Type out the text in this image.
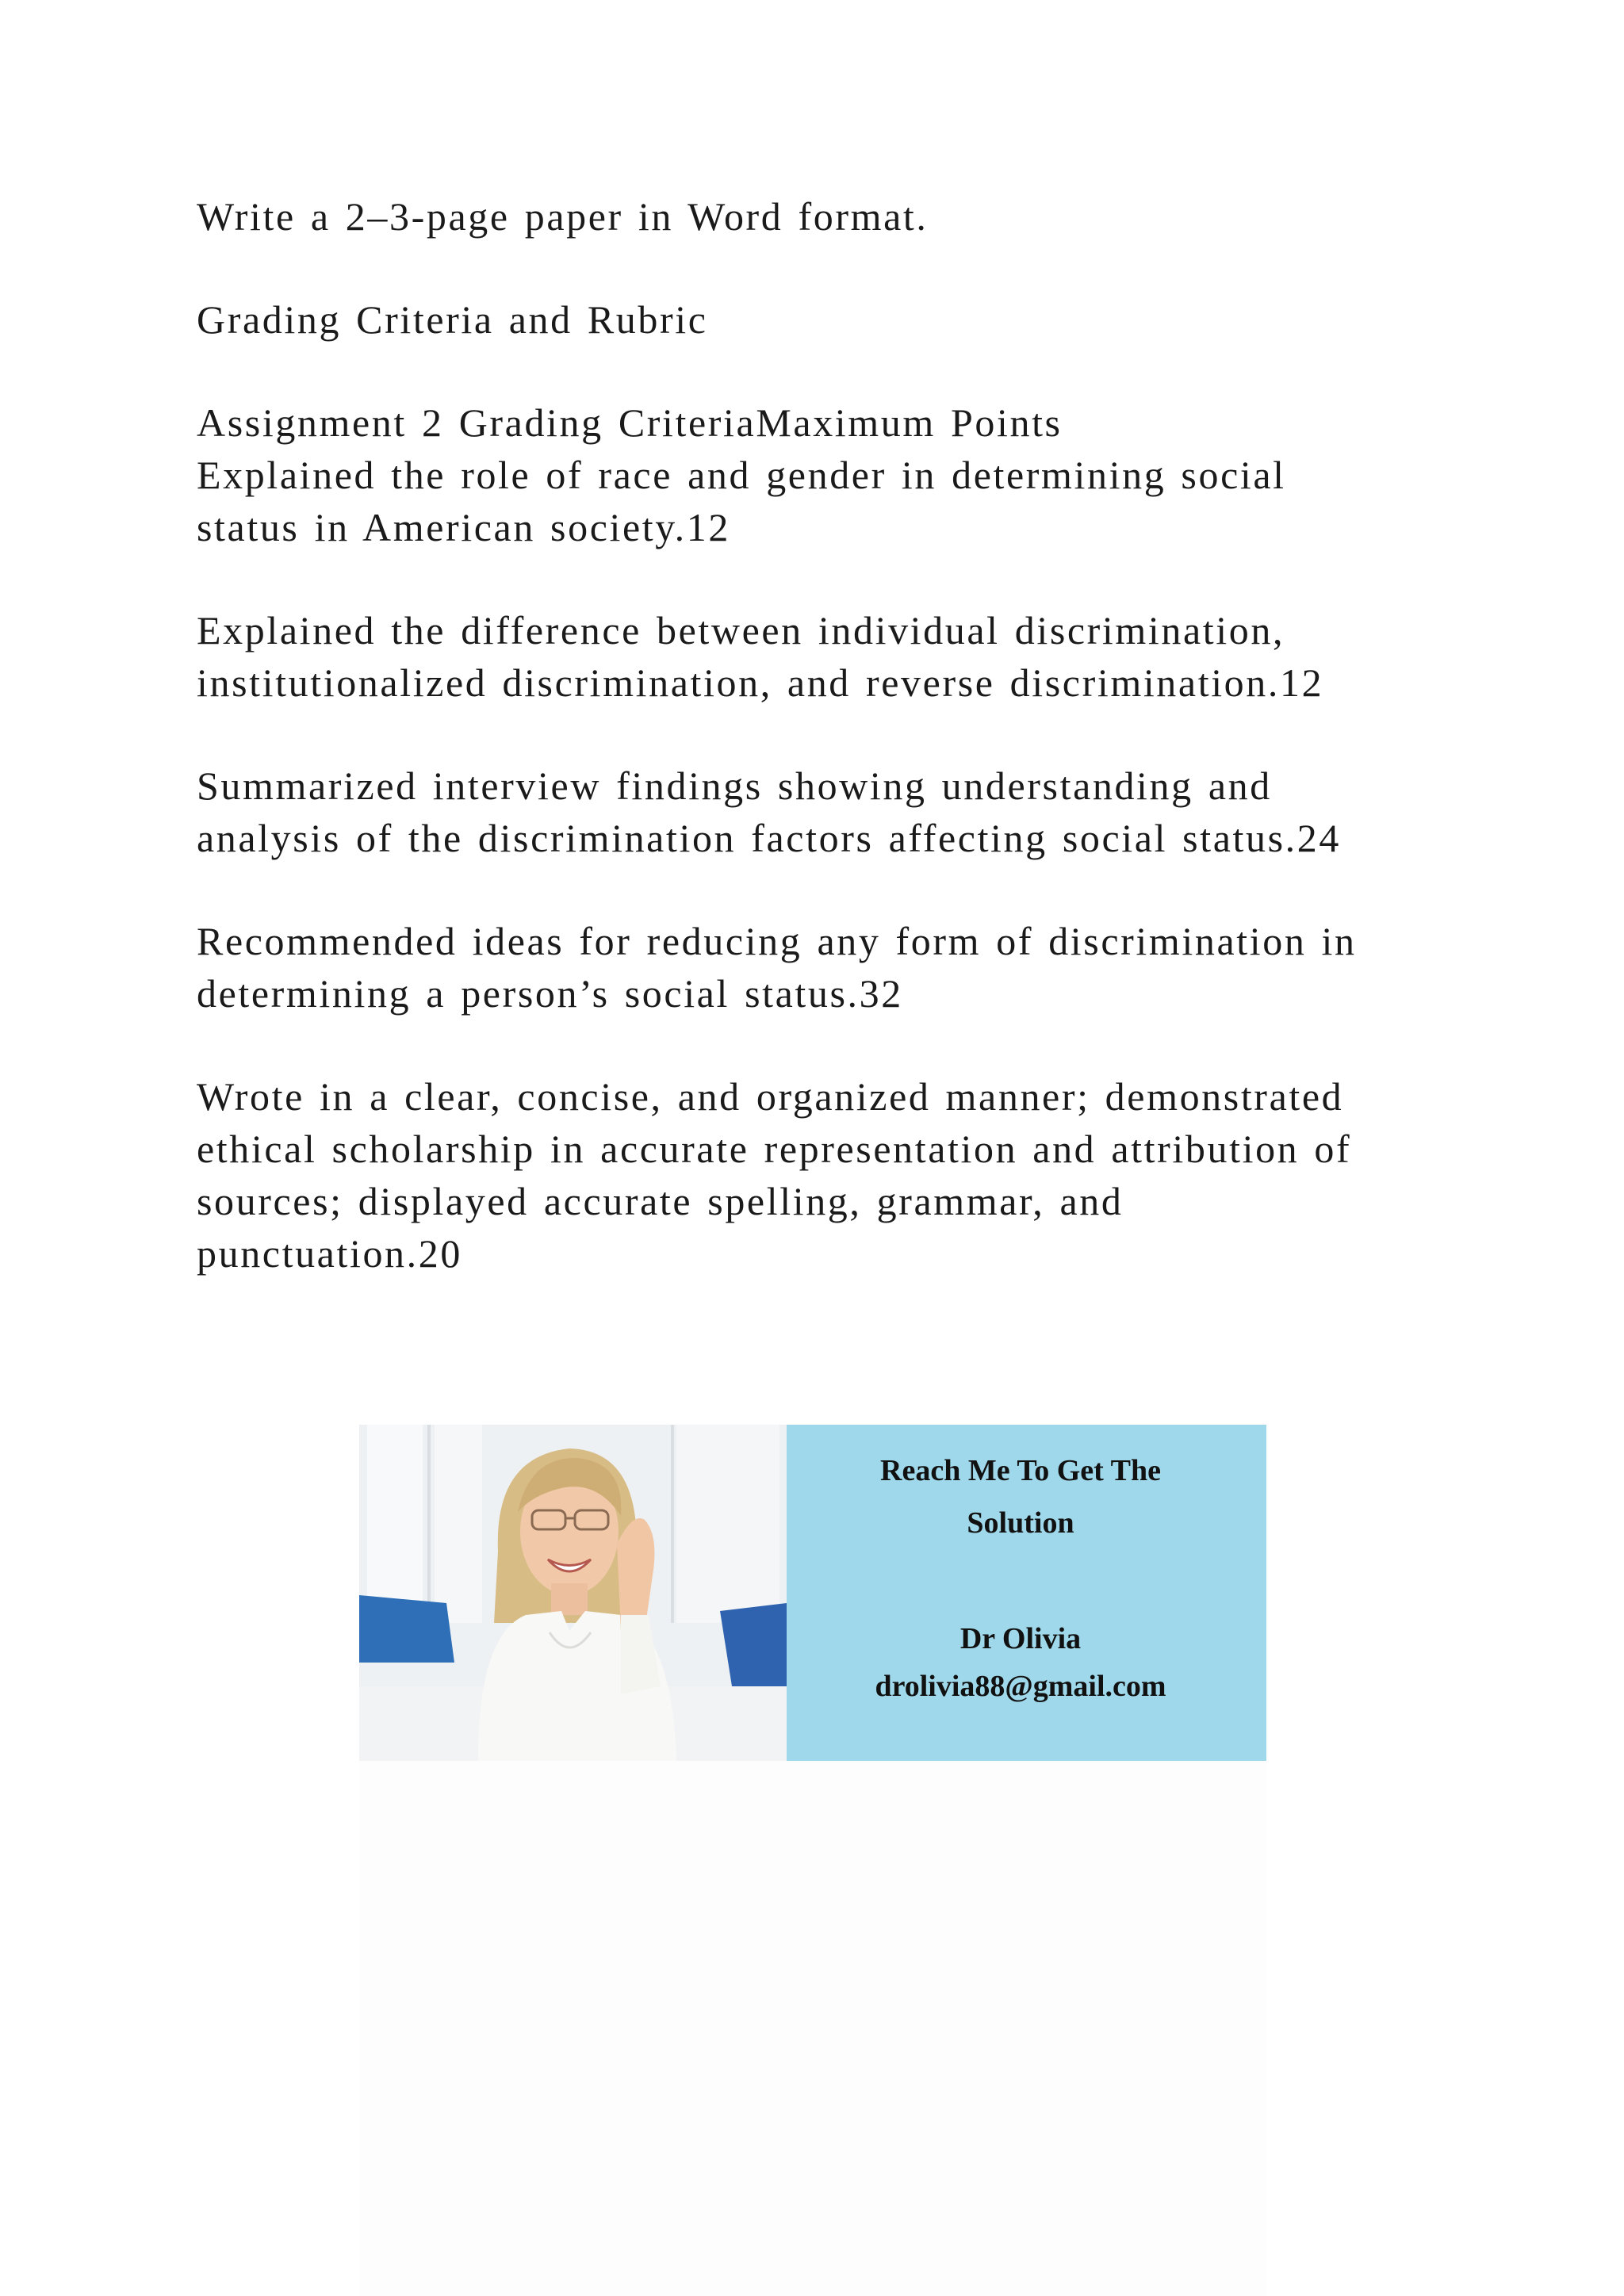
Write a 2–3-page paper in Word format.

Grading Criteria and Rubric

Assignment 2 Grading CriteriaMaximum Points
Explained the role of race and gender in determining social
status in American society.12

Explained the difference between individual discrimination,
institutionalized discrimination, and reverse discrimination.12

Summarized interview findings showing understanding and
analysis of the discrimination factors affecting social status.24

Recommended ideas for reducing any form of discrimination in
determining a person’s social status.32

Wrote in a clear, concise, and organized manner; demonstrated
ethical scholarship in accurate representation and attribution of
sources; displayed accurate spelling, grammar, and
punctuation.20

Reach Me To Get The
Solution
Dr Olivia
drolivia88@gmail.com
